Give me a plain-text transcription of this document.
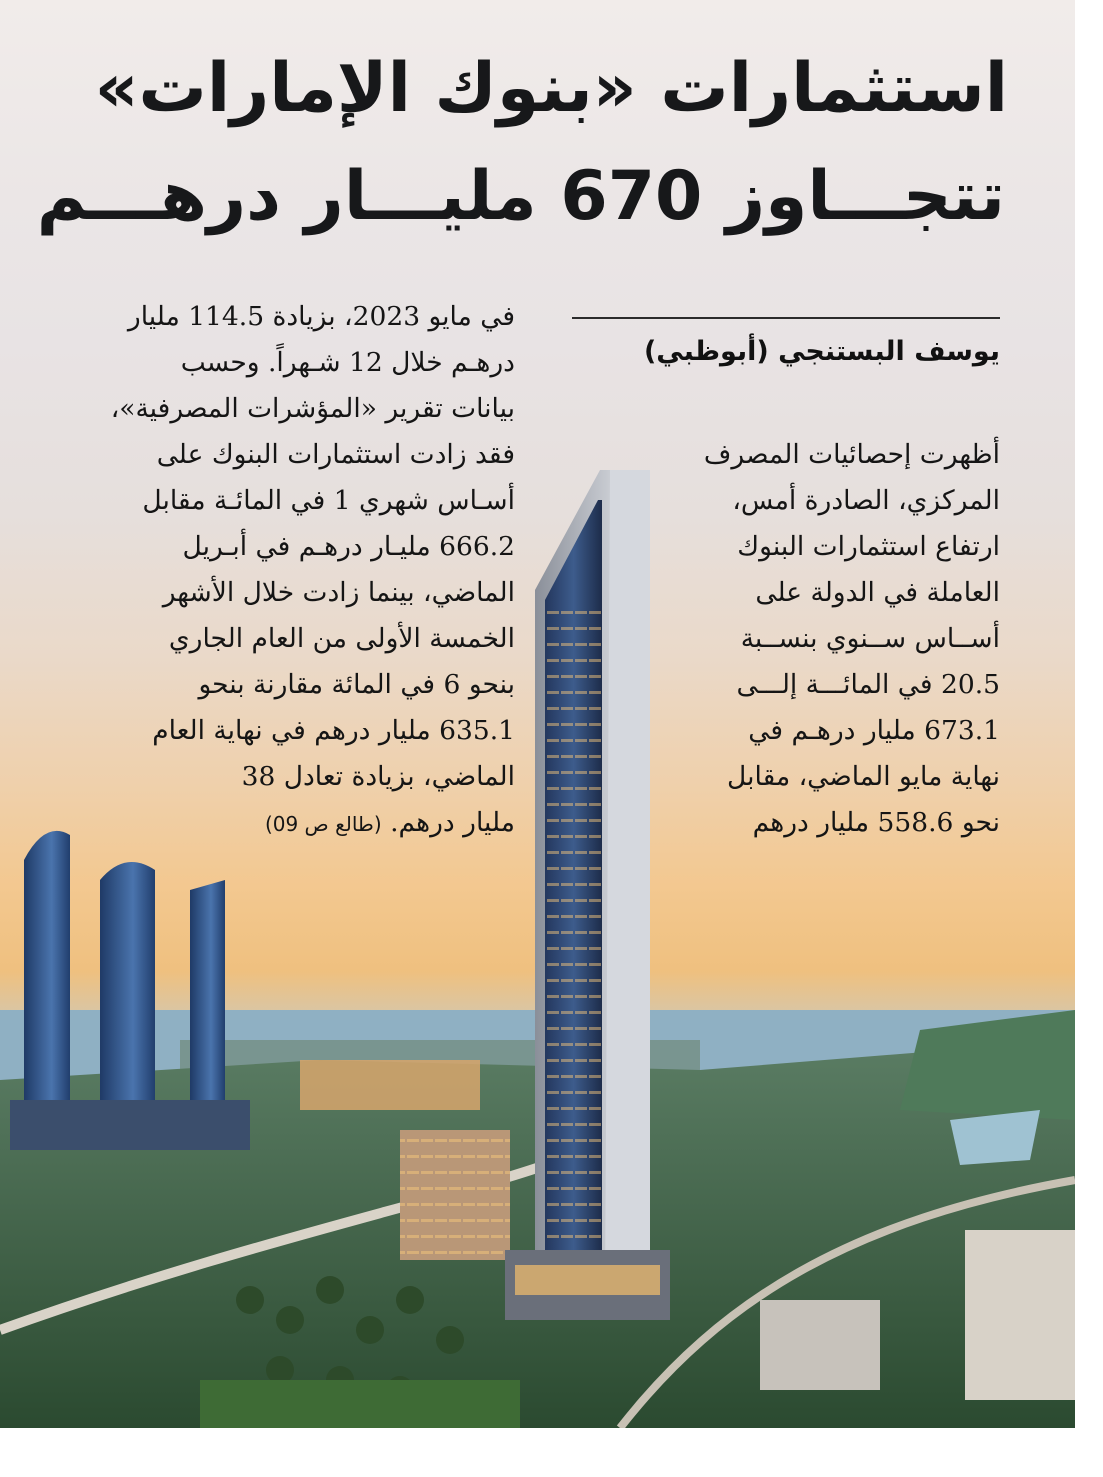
استثمارات «بنوك الإمارات»
تتجـــاوز 670 مليـــار درهـــم

يوسف البستنجي (أبوظبي)

أظهرت إحصائيات المصرف
المركزي، الصادرة أمس،
ارتفاع استثمارات البنوك
العاملة في الدولة على
أســاس ســنوي بنســبة
20.5 في المائـــة إلـــى
673.1 مليار درهـم في
نهاية مايو الماضي، مقابل
نحو 558.6 مليار درهم
في مايو 2023، بزيادة 114.5 مليار
درهـم خلال 12 شـهراً. وحسب
بيانات تقرير «المؤشرات المصرفية»،
فقد زادت استثمارات البنوك على
أسـاس شهري 1 في المائـة مقابل
666.2 مليـار درهـم في أبـريل
الماضي، بينما زادت خلال الأشهر
الخمسة الأولى من العام الجاري
بنحو 6 في المائة مقارنة بنحو
635.1 مليار درهم في نهاية العام
الماضي، بزيادة تعادل 38
مليار درهم. (طالع ص 09)
